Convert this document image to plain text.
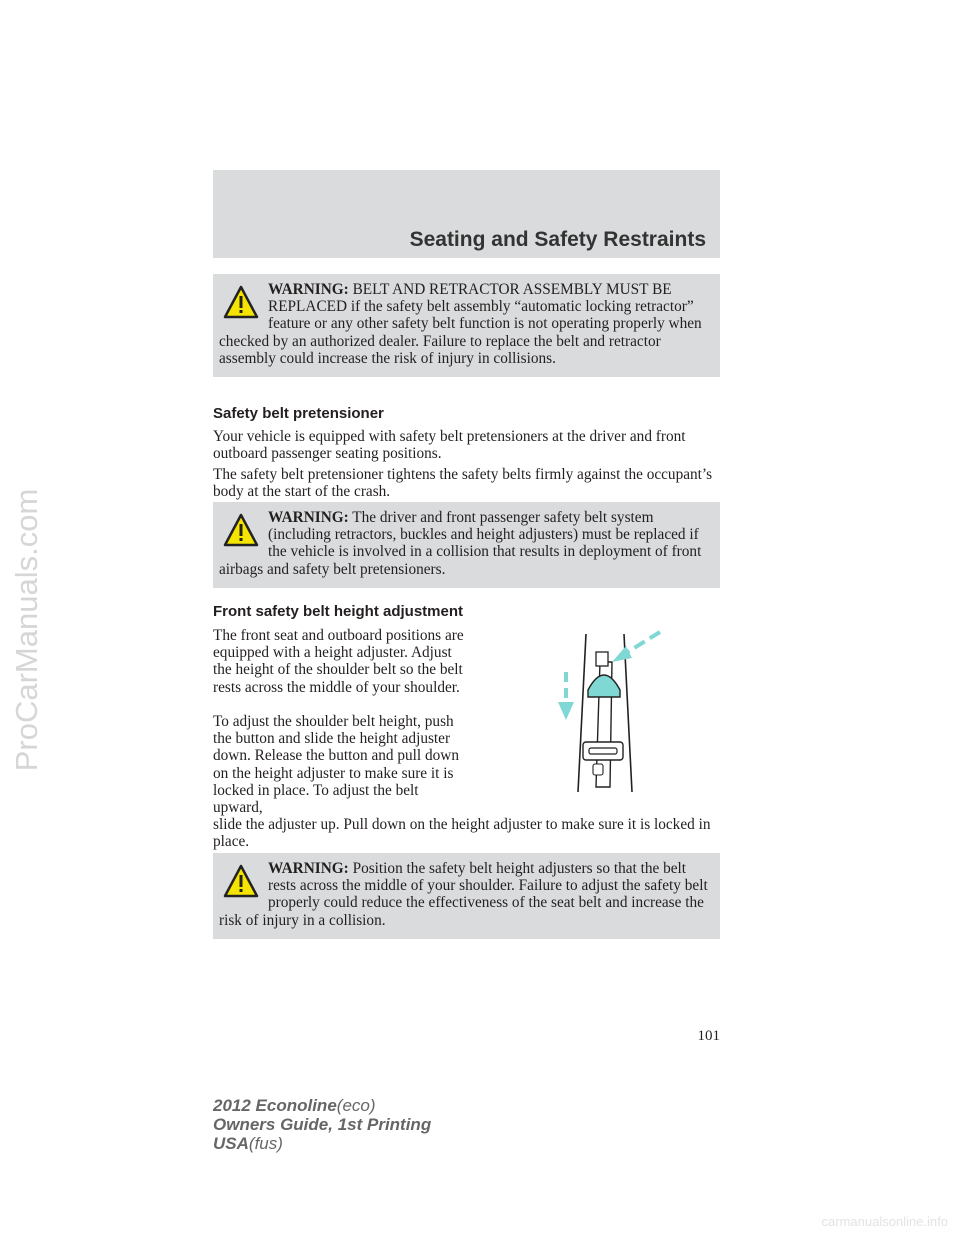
ProCarManuals.com
Seating and Safety Restraints
WARNING: BELT AND RETRACTOR ASSEMBLY MUST BE REPLACED if the safety belt assembly “automatic locking retractor” feature or any other safety belt function is not operating properly when checked by an authorized dealer. Failure to replace the belt and retractor assembly could increase the risk of injury in collisions.
Safety belt pretensioner

Your vehicle is equipped with safety belt pretensioners at the driver and front outboard passenger seating positions.

The safety belt pretensioner tightens the safety belts firmly against the occupant’s body at the start of the crash.

WARNING: The driver and front passenger safety belt system (including retractors, buckles and height adjusters) must be replaced if the vehicle is involved in a collision that results in deployment of front airbags and safety belt pretensioners.
Front safety belt height adjustment

The front seat and outboard positions are equipped with a height adjuster. Adjust the height of the shoulder belt so the belt rests across the middle of your shoulder.

To adjust the shoulder belt height, push the button and slide the height adjuster down. Release the button and pull down on the height adjuster to make sure it is locked in place. To adjust the belt upward,

slide the adjuster up. Pull down on the height adjuster to make sure it is locked in place.

WARNING: Position the safety belt height adjusters so that the belt rests across the middle of your shoulder. Failure to adjust the safety belt properly could reduce the effectiveness of the seat belt and increase the risk of injury in a collision.
101
2012 Econoline(eco)
Owners Guide, 1st Printing
USA(fus)
carmanualsonline.info
